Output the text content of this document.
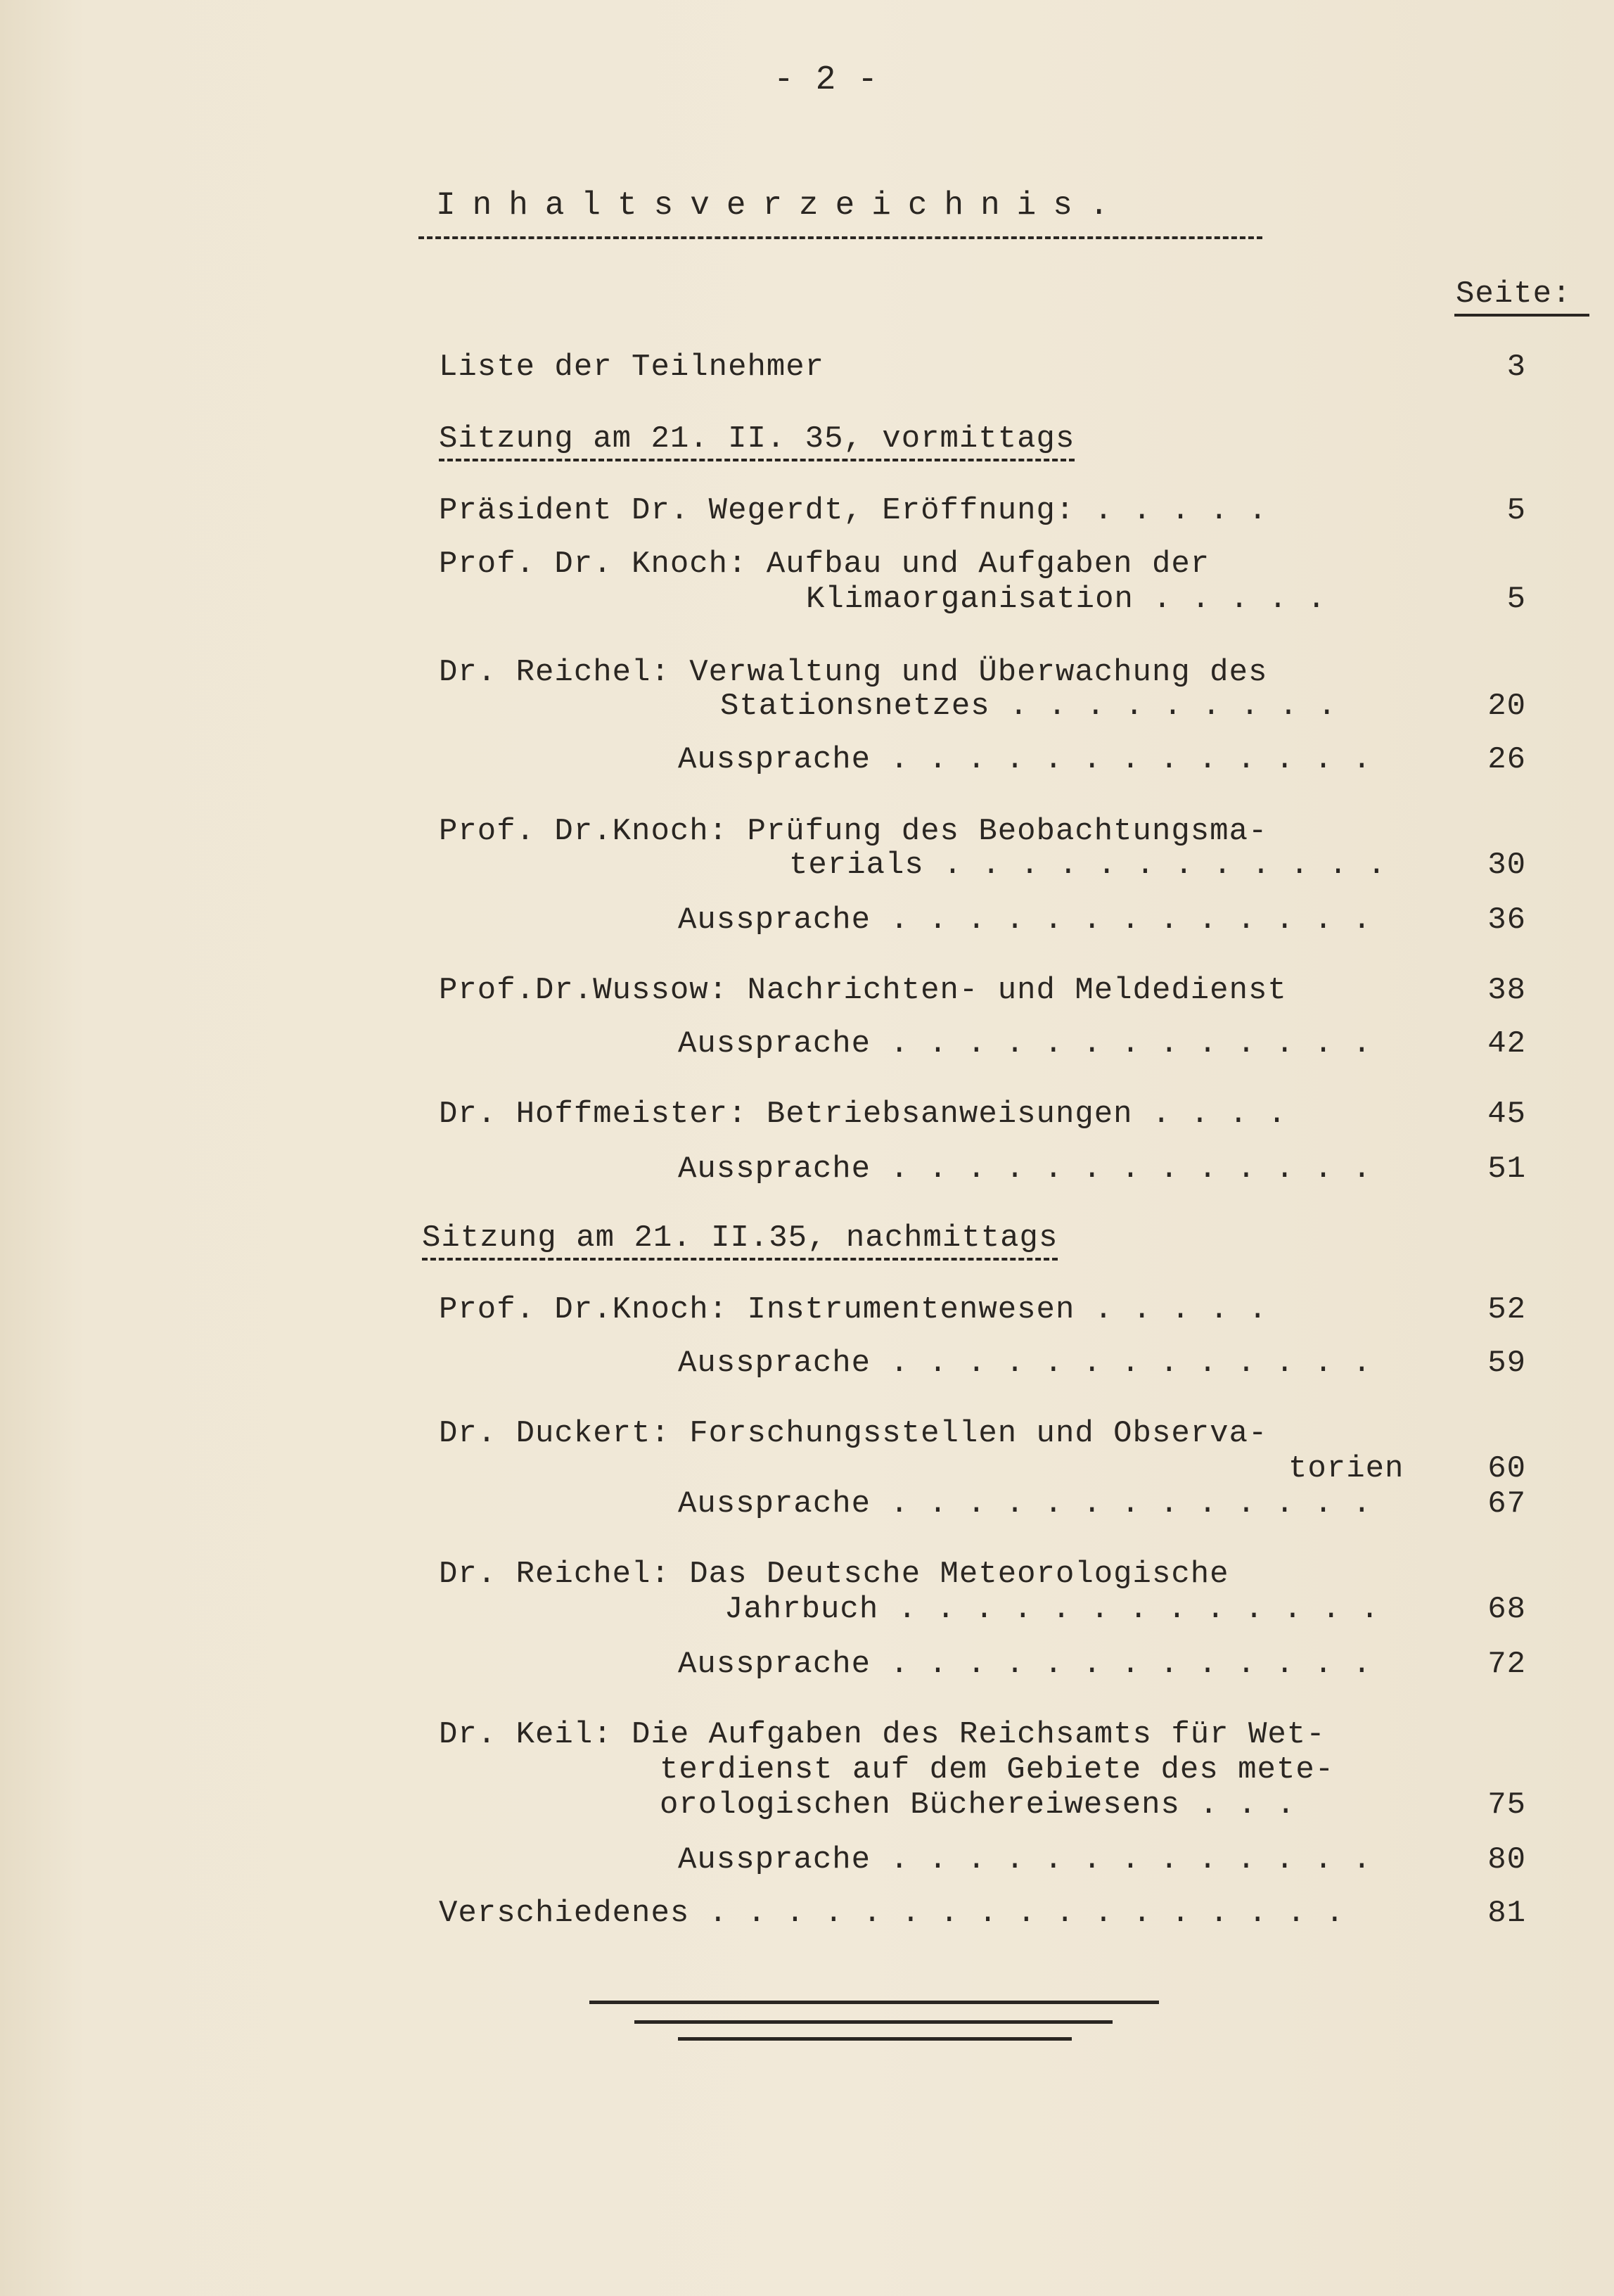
- 2 -
Inhaltsverzeichnis.
Seite:
Liste der Teilnehmer	3
Sitzung am 21. II. 35, vormittags
Präsident Dr. Wegerdt, Eröffnung: . . . . .	5
Prof. Dr. Knoch: Aufbau und Aufgaben der
Klimaorganisation . . . . .	5
Dr. Reichel: Verwaltung und Überwachung des
Stationsnetzes . . . . . . . . .	20
Aussprache . . . . . . . . . . . . .	26
Prof. Dr.Knoch: Prüfung des Beobachtungsma-
terials . . . . . . . . . . . .	30
Aussprache . . . . . . . . . . . . .	36
Prof.Dr.Wussow: Nachrichten- und Meldedienst	38
Aussprache . . . . . . . . . . . . .	42
Dr. Hoffmeister: Betriebsanweisungen . . . .	45
Aussprache . . . . . . . . . . . . .	51
Sitzung am 21. II.35, nachmittags
Prof. Dr.Knoch: Instrumentenwesen . . . . .	52
Aussprache . . . . . . . . . . . . .	59
Dr. Duckert: Forschungsstellen und Observa-
torien	60
Aussprache . . . . . . . . . . . . .	67
Dr. Reichel: Das Deutsche Meteorologische
Jahrbuch . . . . . . . . . . . . .	68
Aussprache . . . . . . . . . . . . .	72
Dr. Keil: Die Aufgaben des Reichsamts für Wet-
terdienst auf dem Gebiete des mete-
orologischen Büchereiwesens . . .	75
Aussprache . . . . . . . . . . . . .	80
Verschiedenes . . . . . . . . . . . . . . . . .	81
